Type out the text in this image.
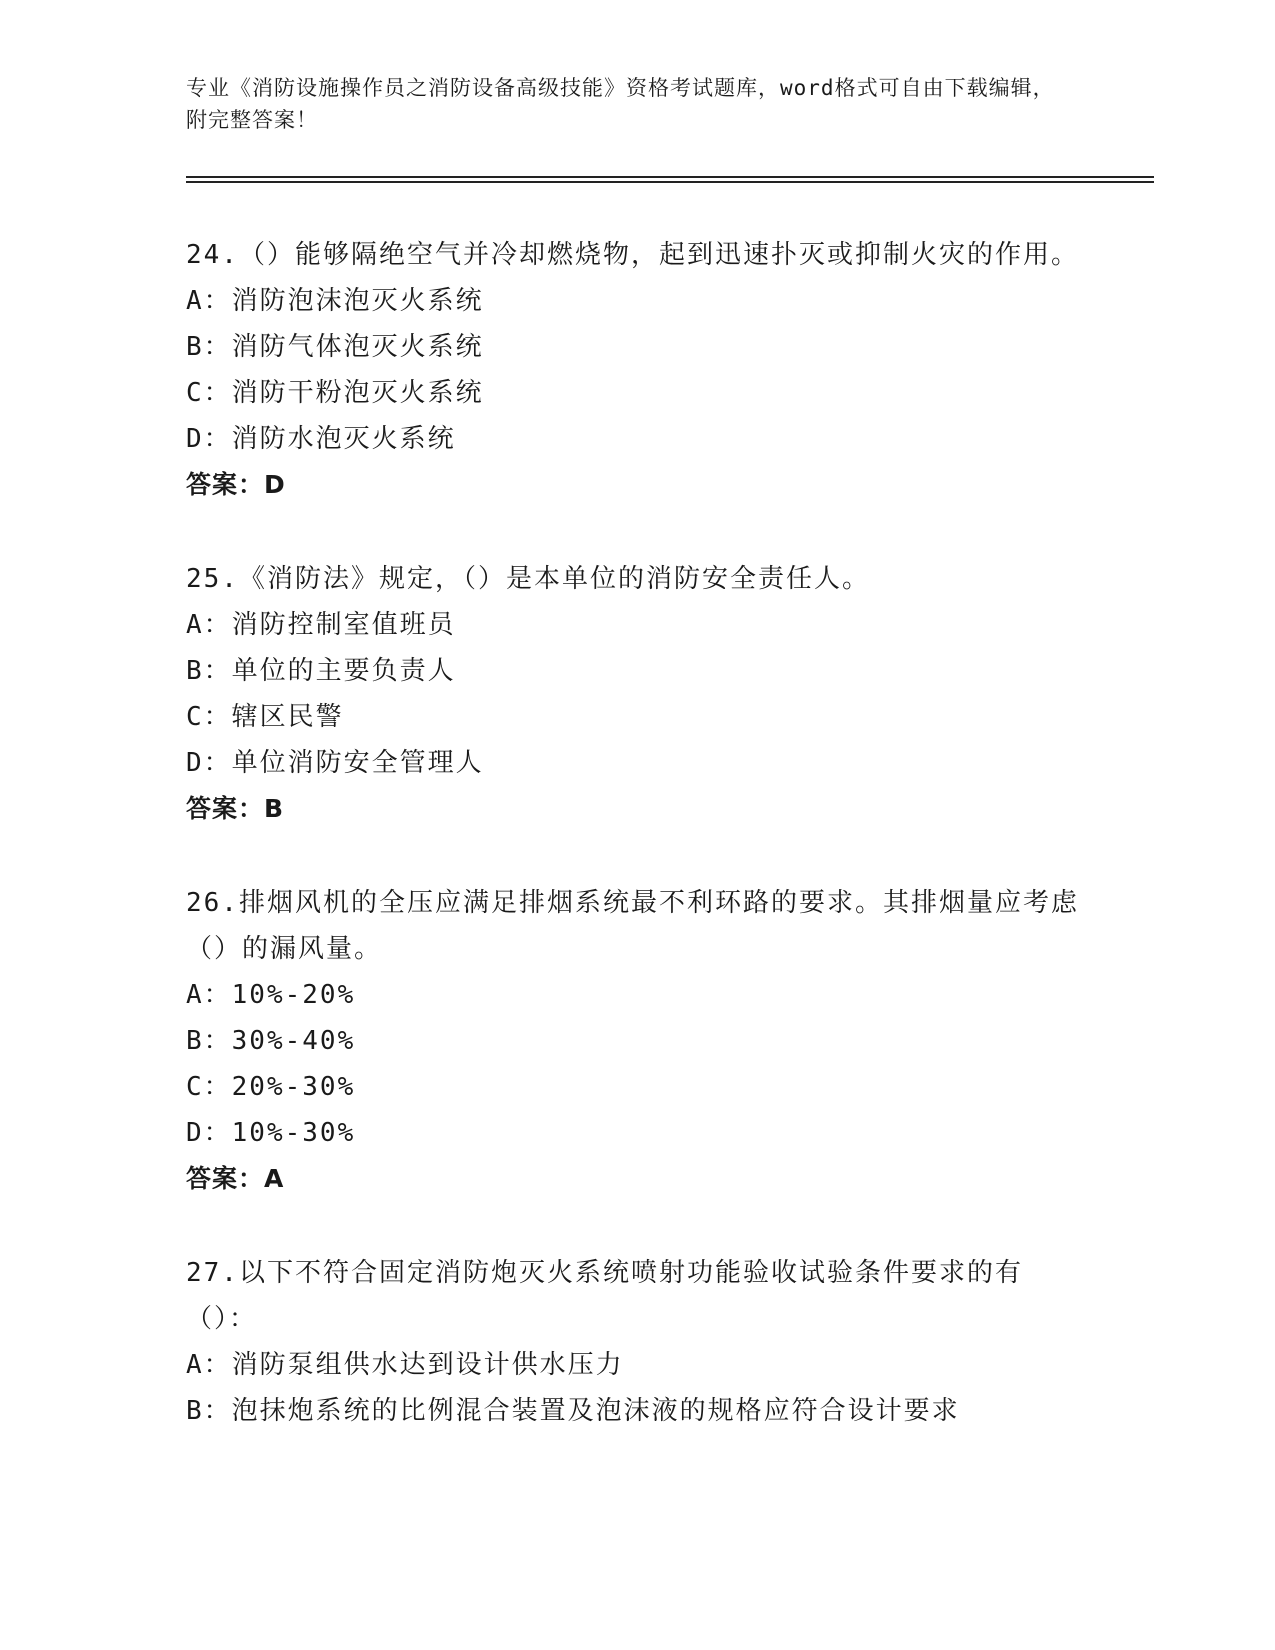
专业《消防设施操作员之消防设备高级技能》资格考试题库，word格式可自由下载编辑，附完整答案！

24.（）能够隔绝空气并冷却燃烧物，起到迅速扑灭或抑制火灾的作用。

A：消防泡沫泡灭火系统

B：消防气体泡灭火系统

C：消防干粉泡灭火系统

D：消防水泡灭火系统

答案：D

25.《消防法》规定，（）是本单位的消防安全责任人。

A：消防控制室值班员

B：单位的主要负责人

C：辖区民警

D：单位消防安全管理人

答案：B

26.排烟风机的全压应满足排烟系统最不利环路的要求。其排烟量应考虑（）的漏风量。

A：10%-20%

B：30%-40%

C：20%-30%

D：10%-30%

答案：A

27.以下不符合固定消防炮灭火系统喷射功能验收试验条件要求的有（）：

A：消防泵组供水达到设计供水压力

B：泡抹炮系统的比例混合装置及泡沫液的规格应符合设计要求
